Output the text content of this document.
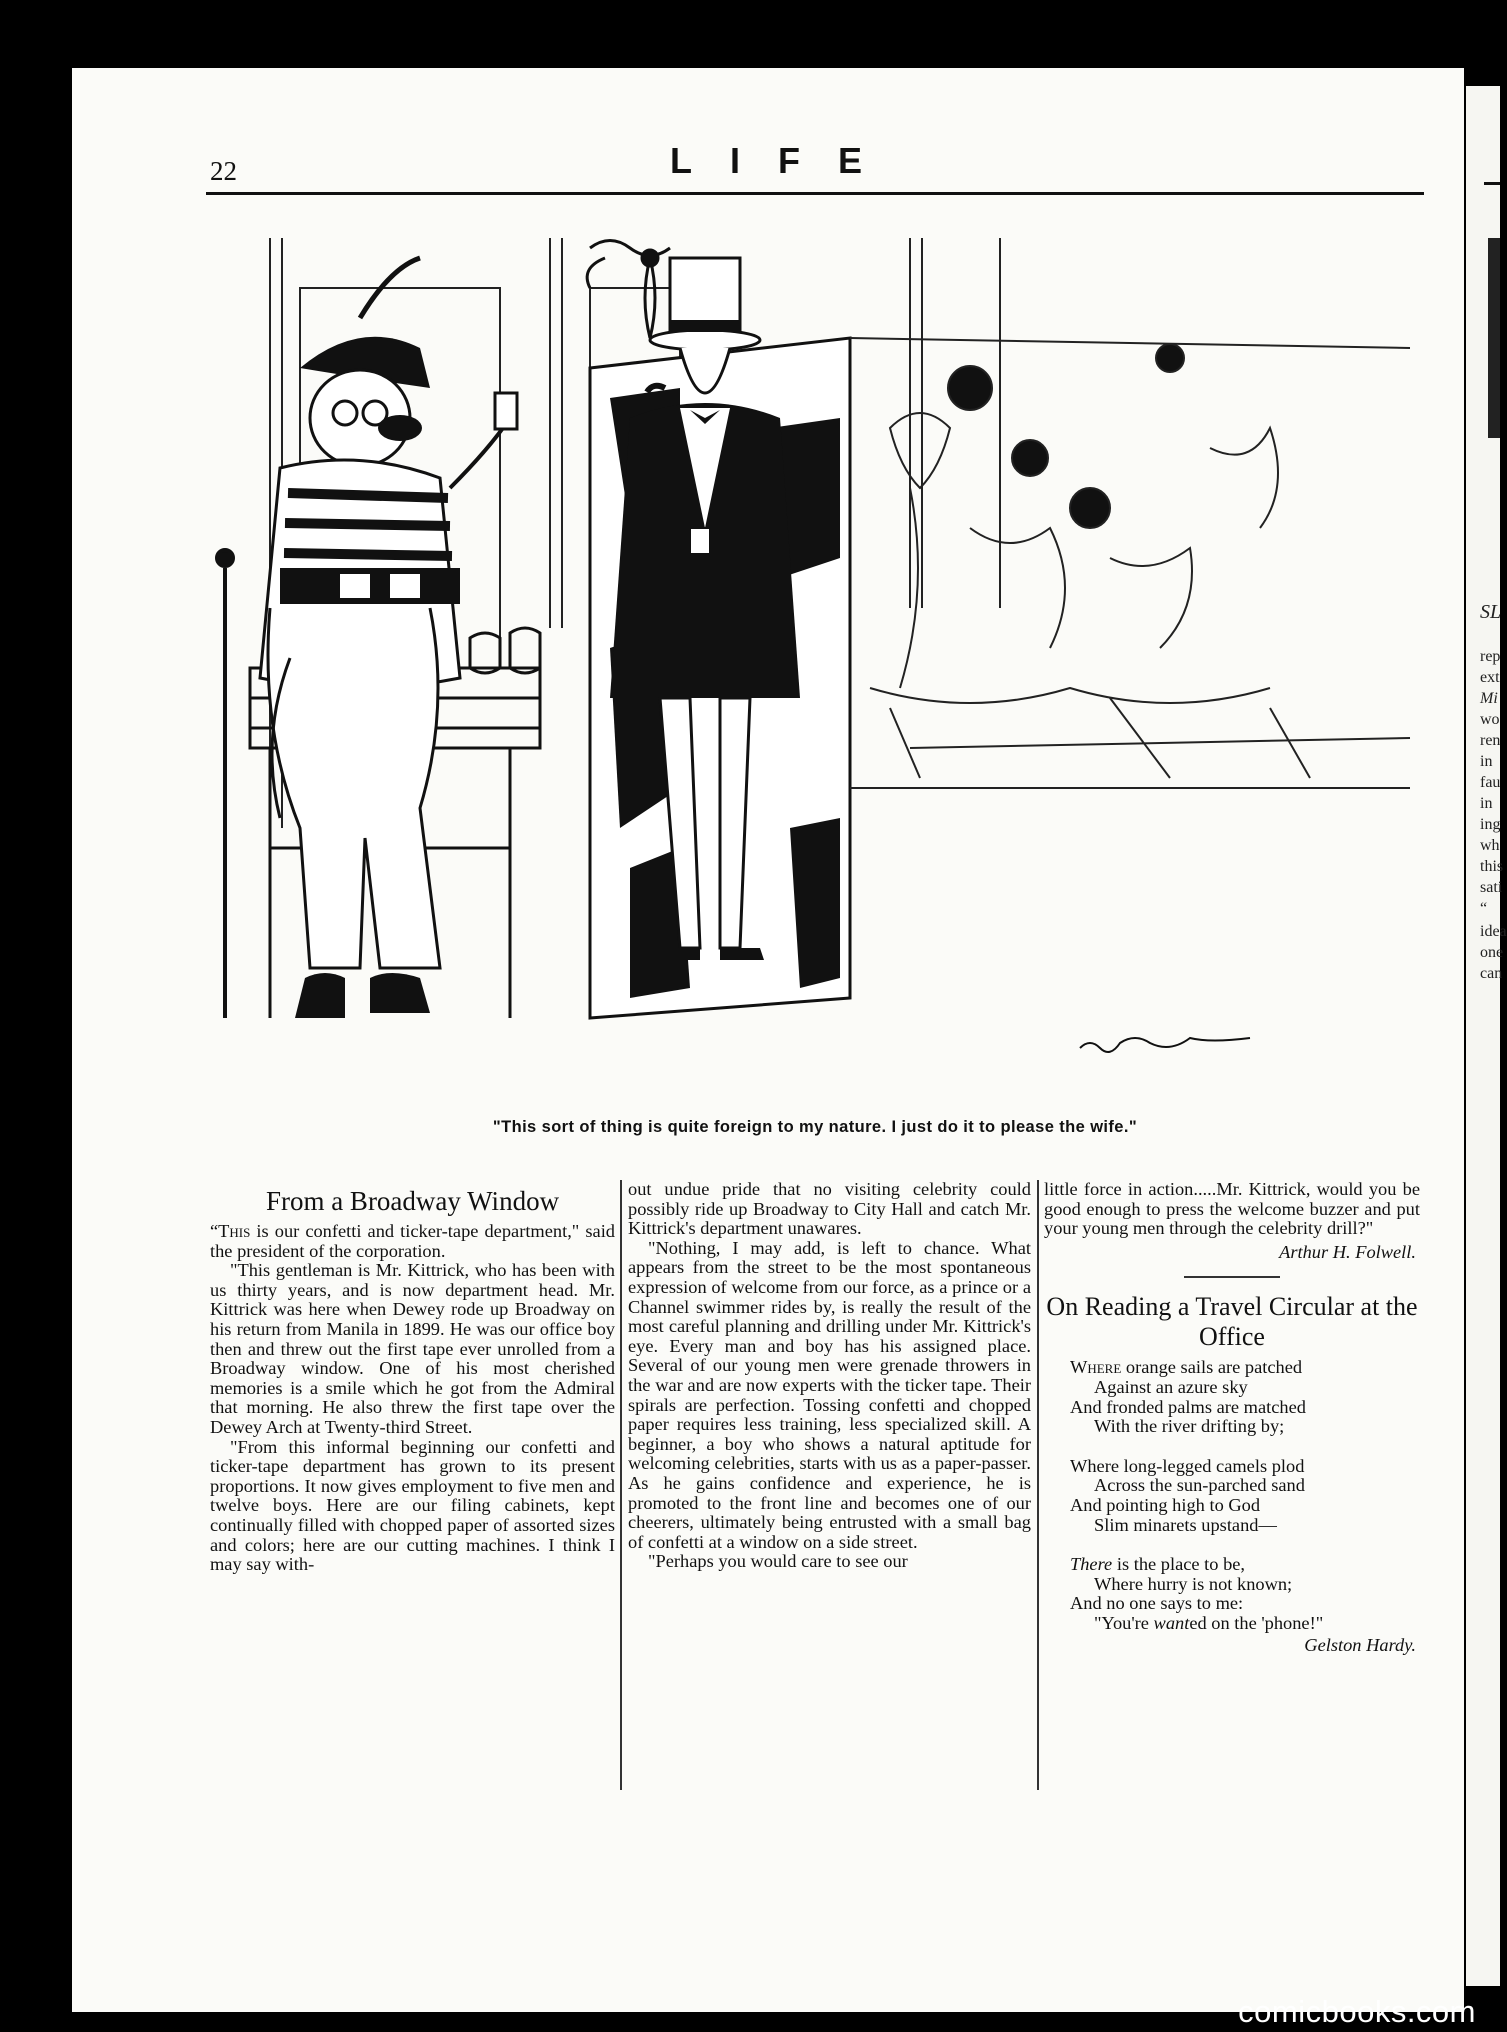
SL
rep
ext
Mi
wo
ren
in
fau
in
ing
wh
this
sati
“
idea
one
can
22	LIFE
"This sort of thing is quite foreign to my nature. I just do it to please the wife."
From a Broadway Window

“This is our confetti and ticker-tape department," said the president of the corporation.

"This gentleman is Mr. Kittrick, who has been with us thirty years, and is now department head. Mr. Kittrick was here when Dewey rode up Broadway on his return from Manila in 1899. He was our office boy then and threw out the first tape ever unrolled from a Broadway window. One of his most cherished memories is a smile which he got from the Admiral that morning. He also threw the first tape over the Dewey Arch at Twenty-third Street.

"From this informal beginning our confetti and ticker-tape department has grown to its present proportions. It now gives employment to five men and twelve boys. Here are our filing cabinets, kept continually filled with chopped paper of assorted sizes and colors; here are our cutting machines. I think I may say with-

out undue pride that no visiting celebrity could possibly ride up Broadway to City Hall and catch Mr. Kittrick's department unawares.

"Nothing, I may add, is left to chance. What appears from the street to be the most spontaneous expression of welcome from our force, as a prince or a Channel swimmer rides by, is really the result of the most careful planning and drilling under Mr. Kittrick's eye. Every man and boy has his assigned place. Several of our young men were grenade throwers in the war and are now experts with the ticker tape. Their spirals are perfection. Tossing confetti and chopped paper requires less training, less specialized skill. A beginner, a boy who shows a natural aptitude for welcoming celebrities, starts with us as a paper-passer. As he gains confidence and experience, he is promoted to the front line and becomes one of our cheerers, ultimately being entrusted with a small bag of confetti at a window on a side street.

"Perhaps you would care to see our

little force in action.....Mr. Kittrick, would you be good enough to press the welcome buzzer and put your young men through the celebrity drill?"

Arthur H. Folwell.
On Reading a Travel Circular at the Office
Where orange sails are patched
Against an azure sky
And fronded palms are matched
With the river drifting by;
Where long-legged camels plod
Across the sun-parched sand
And pointing high to God
Slim minarets upstand—
There is the place to be,
Where hurry is not known;
And no one says to me:
"You're wanted on the 'phone!"
Gelston Hardy.
comicbooks.com
